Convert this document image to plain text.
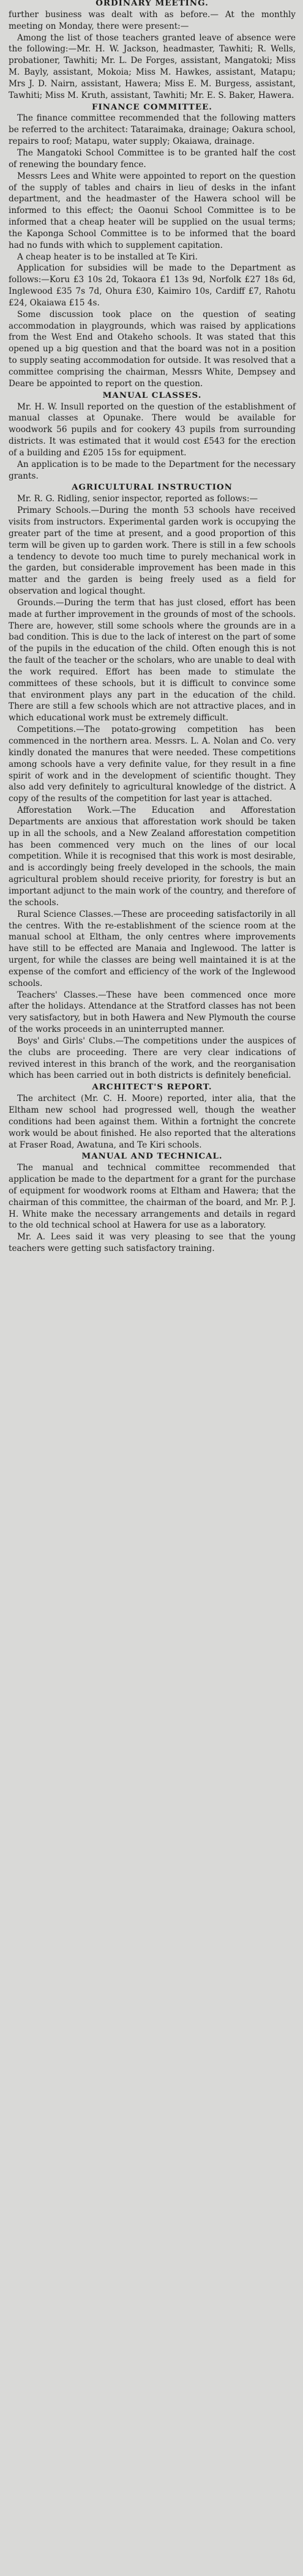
ORDINARY MEETING.

further business was dealt with as before.— At the monthly meeting on Monday, there were present:—

Among the list of those teachers granted leave of absence were the following:—Mr. H. W. Jackson, headmaster, Tawhiti; R. Wells, probationer, Tawhiti; Mr. L. De Forges, assistant, Mangatoki; Miss M. Bayly, assistant, Mokoia; Miss M. Hawkes, assistant, Matapu; Mrs J. D. Nairn, assistant, Hawera; Miss E. M. Burgess, assistant, Tawhiti; Miss M. Kruth, assistant, Tawhiti; Mr. E. S. Baker, Hawera.

FINANCE COMMITTEE.

The finance committee recommended that the following matters be referred to the architect: Tataraimaka, drainage; Oakura school, repairs to roof; Matapu, water supply; Okaiawa, drainage.

The Mangatoki School Committee is to be granted half the cost of renewing the boundary fence.

Messrs Lees and White were appointed to report on the question of the supply of tables and chairs in lieu of desks in the infant department, and the headmaster of the Hawera school will be informed to this effect; the Oaonui School Committee is to be informed that a cheap heater will be supplied on the usual terms; the Kaponga School Committee is to be informed that the board had no funds with which to supplement capitation.

A cheap heater is to be installed at Te Kiri.

Application for subsidies will be made to the Department as follows:—Koru £3 10s 2d, Tokaora £1 13s 9d, Norfolk £27 18s 6d, Inglewood £35 7s 7d, Ohura £30, Kaimiro 10s, Cardiff £7, Rahotu £24, Okaiawa £15 4s.

Some discussion took place on the question of seating accommodation in playgrounds, which was raised by applications from the West End and Otakeho schools. It was stated that this opened up a big question and that the board was not in a position to supply seating accommodation for outside. It was resolved that a committee comprising the chairman, Messrs White, Dempsey and Deare be appointed to report on the question.

MANUAL CLASSES.

Mr. H. W. Insull reported on the question of the establishment of manual classes at Opunake. There would be available for woodwork 56 pupils and for cookery 43 pupils from surrounding districts. It was estimated that it would cost £543 for the erection of a building and £205 15s for equipment.

An application is to be made to the Department for the necessary grants.

AGRICULTURAL INSTRUCTION

Mr. R. G. Ridling, senior inspector, reported as follows:—

Primary Schools.—During the month 53 schools have received visits from instructors. Experimental garden work is occupying the greater part of the time at present, and a good proportion of this term will be given up to garden work. There is still in a few schools a tendency to devote too much time to purely mechanical work in the garden, but considerable improvement has been made in this matter and the garden is being freely used as a field for observation and logical thought.

Grounds.—During the term that has just closed, effort has been made at further improvement in the grounds of most of the schools. There are, however, still some schools where the grounds are in a bad condition. This is due to the lack of interest on the part of some of the pupils in the education of the child. Often enough this is not the fault of the teacher or the scholars, who are unable to deal with the work required. Effort has been made to stimulate the committees of these schools, but it is difficult to convince some that environment plays any part in the education of the child. There are still a few schools which are not attractive places, and in which educational work must be extremely difficult.

Competitions.—The potato-growing competition has been commenced in the northern area. Messrs. L. A. Nolan and Co. very kindly donated the manures that were needed. These competitions among schools have a very definite value, for they result in a fine spirit of work and in the development of scientific thought. They also add very definitely to agricultural knowledge of the district. A copy of the results of the competition for last year is attached.

Afforestation Work.—The Education and Afforestation Departments are anxious that afforestation work should be taken up in all the schools, and a New Zealand afforestation competition has been commenced very much on the lines of our local competition. While it is recognised that this work is most desirable, and is accordingly being freely developed in the schools, the main agricultural problem should receive priority, for forestry is but an important adjunct to the main work of the country, and therefore of the schools.

Rural Science Classes.—These are proceeding satisfactorily in all the centres. With the re-establishment of the science room at the manual school at Eltham, the only centres where improvements have still to be effected are Manaia and Inglewood. The latter is urgent, for while the classes are being well maintained it is at the expense of the comfort and efficiency of the work of the Inglewood schools.

Teachers' Classes.—These have been commenced once more after the holidays. Attendance at the Stratford classes has not been very satisfactory, but in both Hawera and New Plymouth the course of the works proceeds in an uninterrupted manner.

Boys' and Girls' Clubs.—The competitions under the auspices of the clubs are proceeding. There are very clear indications of revived interest in this branch of the work, and the reorganisation which has been carried out in both districts is definitely beneficial.

ARCHITECT'S REPORT.

The architect (Mr. C. H. Moore) reported, inter alia, that the Eltham new school had progressed well, though the weather conditions had been against them. Within a fortnight the concrete work would be about finished. He also reported that the alterations at Fraser Road, Awatuna, and Te Kiri schools.

MANUAL AND TECHNICAL.

The manual and technical committee recommended that application be made to the department for a grant for the purchase of equipment for woodwork rooms at Eltham and Hawera; that the chairman of this committee, the chairman of the board, and Mr. P. J. H. White make the necessary arrangements and details in regard to the old technical school at Hawera for use as a laboratory.

Mr. A. Lees said it was very pleasing to see that the young teachers were getting such satisfactory training.
